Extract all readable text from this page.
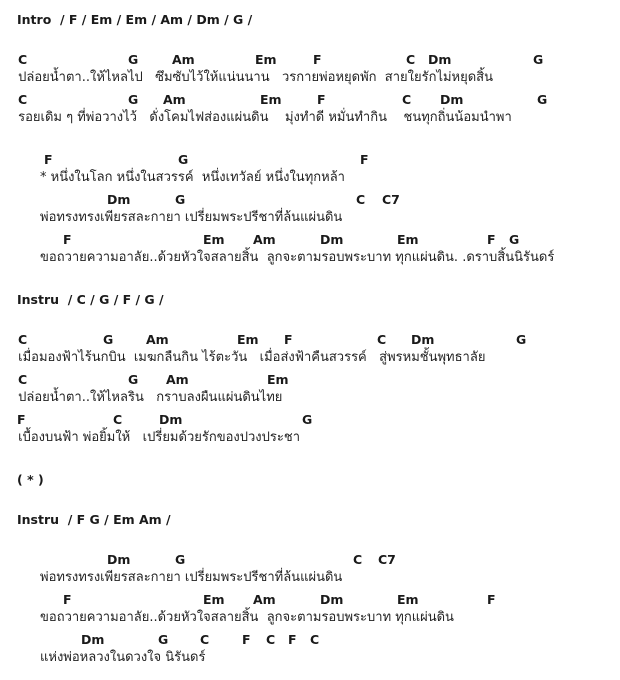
Intro  / F / Em / Em / Am / Dm / G /
C	G	Am	Em	F	C Dm	G
ปล่อยน้ำตา..ให้ไหลไป   ซึมซับไว้ให้แน่นนาน   วรกายพ่อหยุดพัก  สายใยรักไม่หยุดสิ้น
C	G Am	Em	F	C Dm	G
รอยเดิม ๆ ที่พ่อวางไว้   ดั่งโคมไฟส่องแผ่นดิน    มุ่งทำดี หมั่นทำกิน    ชนทุกถิ่นน้อมนำพา
F	G	F
* หนึ่งในโลก หนึ่งในสวรรค์  หนึ่งเทวัลย์ หนึ่งในทุกหล้า
Dm	G	C C7
พ่อทรงทรงเพียรสละกายา เปรี่ยมพระปรีชาที่ล้นแผ่นดิน
F	Em Am	Dm	Em	F G
ขอถวายความอาลัย..ด้วยหัวใจสลายสิ้น  ลูกจะตามรอบพระบาท ทุกแผ่นดิน. .ดราบสิ้นนิรันดร์
Instru  / C / G / F / G /
C	G	Am	Em F	C Dm	G
เมื่อมองฟ้าไร้นกบิน  เมฆกลืนกิน ไร้ตะวัน   เมื่อส่งฟ้าคืนสวรรค์   สู่พรหมชั้นพุทธาลัย
C	G Am	Em
ปล่อยน้ำตา..ให้ไหลริน   กราบลงผืนแผ่นดินไทย
F	C	Dm	G
เบื้องบนฟ้า พ่อยิ้มให้   เปรี่ยมด้วยรักของปวงประชา
( * )
Instru  / F G / Em Am /
Dm	G	C C7
พ่อทรงทรงเพียรสละกายา เปรี่ยมพระปรีชาที่ล้นแผ่นดิน
F	Em Am	Dm	Em	F
ขอถวายความอาลัย..ด้วยหัวใจสลายสิ้น  ลูกจะตามรอบพระบาท ทุกแผ่นดิน
Dm	G	C	F C F C
แห่งพ่อหลวงในดวงใจ นิรันดร์
